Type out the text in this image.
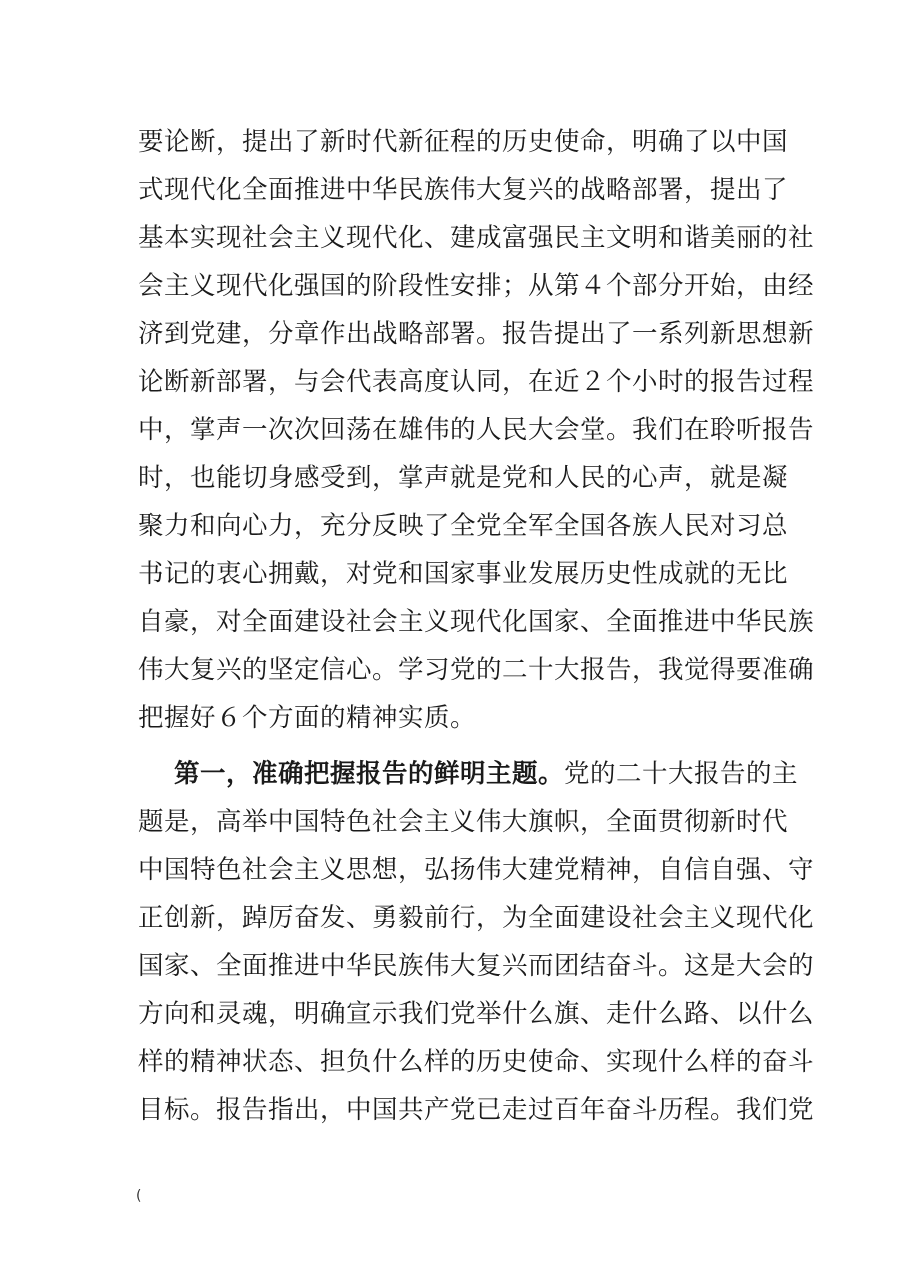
要论断，提出了新时代新征程的历史使命，明确了以中国
式现代化全面推进中华民族伟大复兴的战略部署，提出了
基本实现社会主义现代化、建成富强民主文明和谐美丽的社
会主义现代化强国的阶段性安排；从第４个部分开始，由经
济到党建，分章作出战略部署。报告提出了一系列新思想新
论断新部署，与会代表高度认同，在近２个小时的报告过程
中，掌声一次次回荡在雄伟的人民大会堂。我们在聆听报告
时，也能切身感受到，掌声就是党和人民的心声，就是凝
聚力和向心力，充分反映了全党全军全国各族人民对习总
书记的衷心拥戴，对党和国家事业发展历史性成就的无比
自豪，对全面建设社会主义现代化国家、全面推进中华民族
伟大复兴的坚定信心。学习党的二十大报告，我觉得要准确
把握好６个方面的精神实质。
第一，准确把握报告的鲜明主题。党的二十大报告的主
题是，高举中国特色社会主义伟大旗帜，全面贯彻新时代
中国特色社会主义思想，弘扬伟大建党精神，自信自强、守
正创新，踔厉奋发、勇毅前行，为全面建设社会主义现代化
国家、全面推进中华民族伟大复兴而团结奋斗。这是大会的
方向和灵魂，明确宣示我们党举什么旗、走什么路、以什么
样的精神状态、担负什么样的历史使命、实现什么样的奋斗
目标。报告指出，中国共产党已走过百年奋斗历程。我们党
(
